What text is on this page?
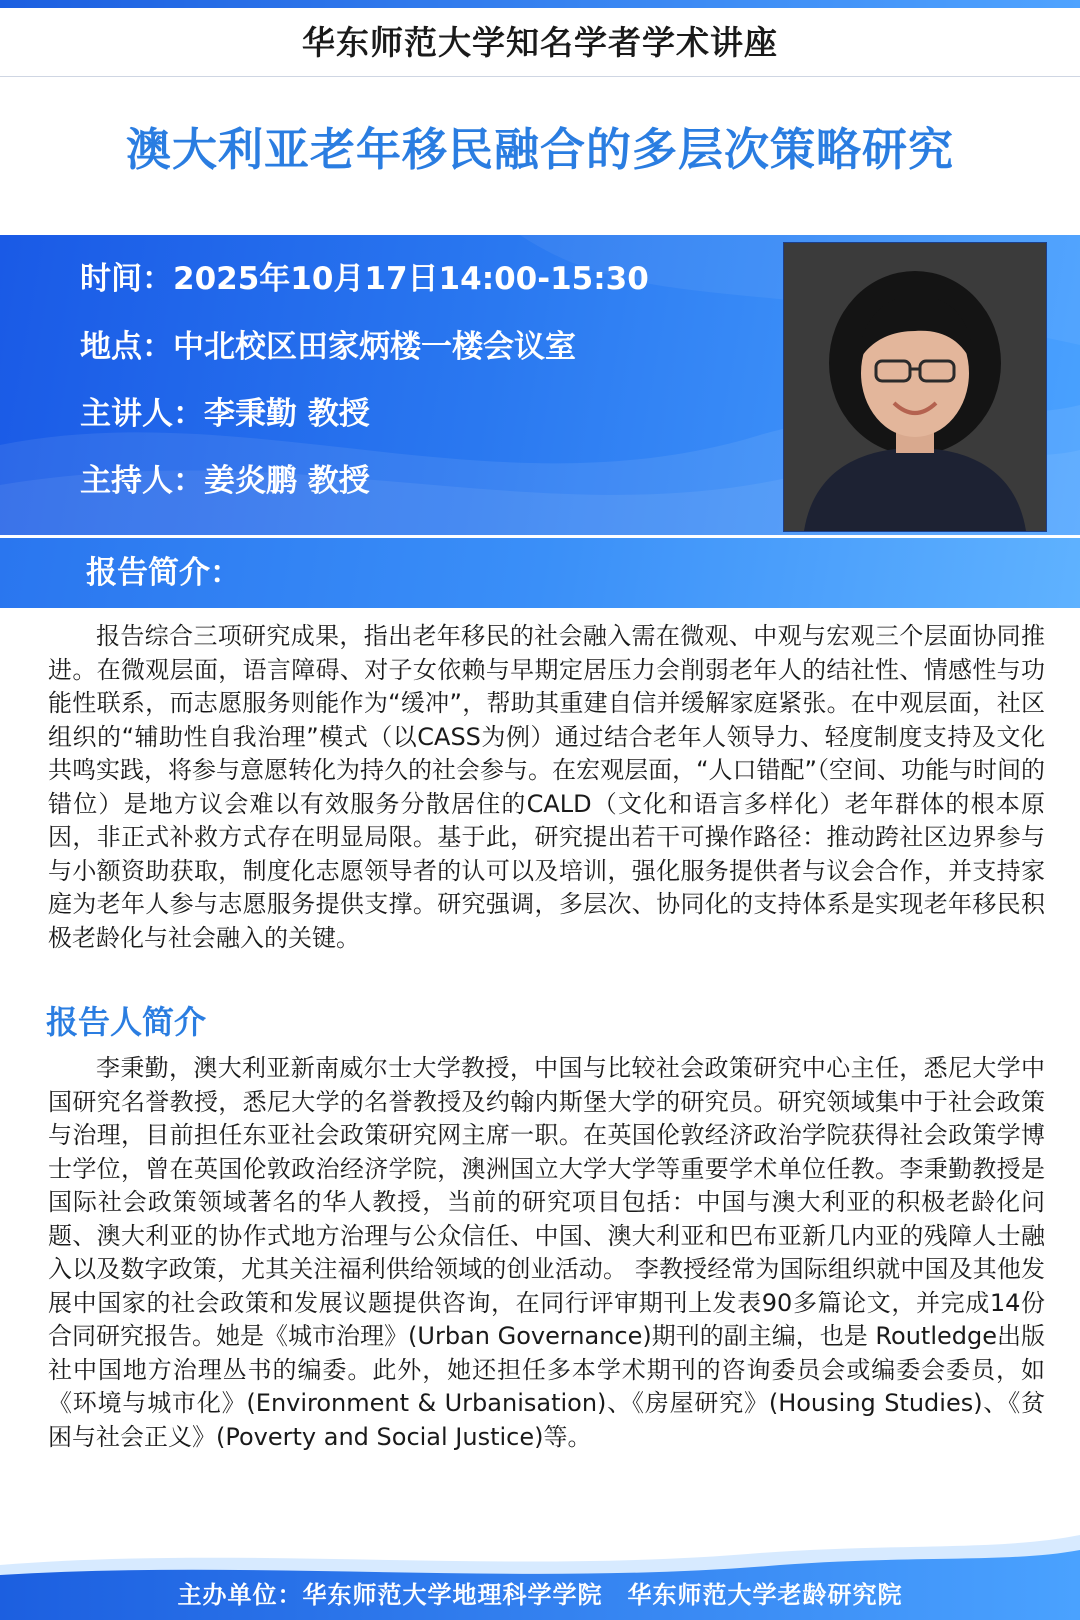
华东师范大学知名学者学术讲座
澳大利亚老年移民融合的多层次策略研究
时间：2025年10月17日14:00-15:30
地点：中北校区田家炳楼一楼会议室
主讲人：李秉勤 教授
主持人：姜炎鹏 教授
报告简介：
报告综合三项研究成果，指出老年移民的社会融入需在微观、中观与宏观三个层面协同推进。在微观层面，语言障碍、对子女依赖与早期定居压力会削弱老年人的结社性、情感性与功能性联系，而志愿服务则能作为“缓冲”，帮助其重建自信并缓解家庭紧张。在中观层面，社区组织的“辅助性自我治理”模式（以CASS为例）通过结合老年人领导力、轻度制度支持及文化共鸣实践，将参与意愿转化为持久的社会参与。在宏观层面，“人口错配”（空间、功能与时间的错位）是地方议会难以有效服务分散居住的CALD（文化和语言多样化）老年群体的根本原因，非正式补救方式存在明显局限。基于此，研究提出若干可操作路径：推动跨社区边界参与与小额资助获取，制度化志愿领导者的认可以及培训，强化服务提供者与议会合作，并支持家庭为老年人参与志愿服务提供支撑。研究强调，多层次、协同化的支持体系是实现老年移民积极老龄化与社会融入的关键。
报告人简介
李秉勤，澳大利亚新南威尔士大学教授，中国与比较社会政策研究中心主任，悉尼大学中国研究名誉教授，悉尼大学的名誉教授及约翰内斯堡大学的研究员。研究领域集中于社会政策与治理，目前担任东亚社会政策研究网主席一职。在英国伦敦经济政治学院获得社会政策学博士学位，曾在英国伦敦政治经济学院，澳洲国立大学大学等重要学术单位任教。李秉勤教授是国际社会政策领域著名的华人教授，当前的研究项目包括：中国与澳大利亚的积极老龄化问题、澳大利亚的协作式地方治理与公众信任、中国、澳大利亚和巴布亚新几内亚的残障人士融入以及数字政策，尤其关注福利供给领域的创业活动。 李教授经常为国际组织就中国及其他发展中国家的社会政策和发展议题提供咨询，在同行评审期刊上发表90多篇论文，并完成14份合同研究报告。她是《城市治理》(Urban Governance)期刊的副主编，也是 Routledge出版社中国地方治理丛书的编委。此外，她还担任多本学术期刊的咨询委员会或编委会委员，如《环境与城市化》(Environment & Urbanisation)、《房屋研究》(Housing Studies)、《贫困与社会正义》(Poverty and Social Justice)等。
主办单位：华东师范大学地理科学学院　华东师范大学老龄研究院
